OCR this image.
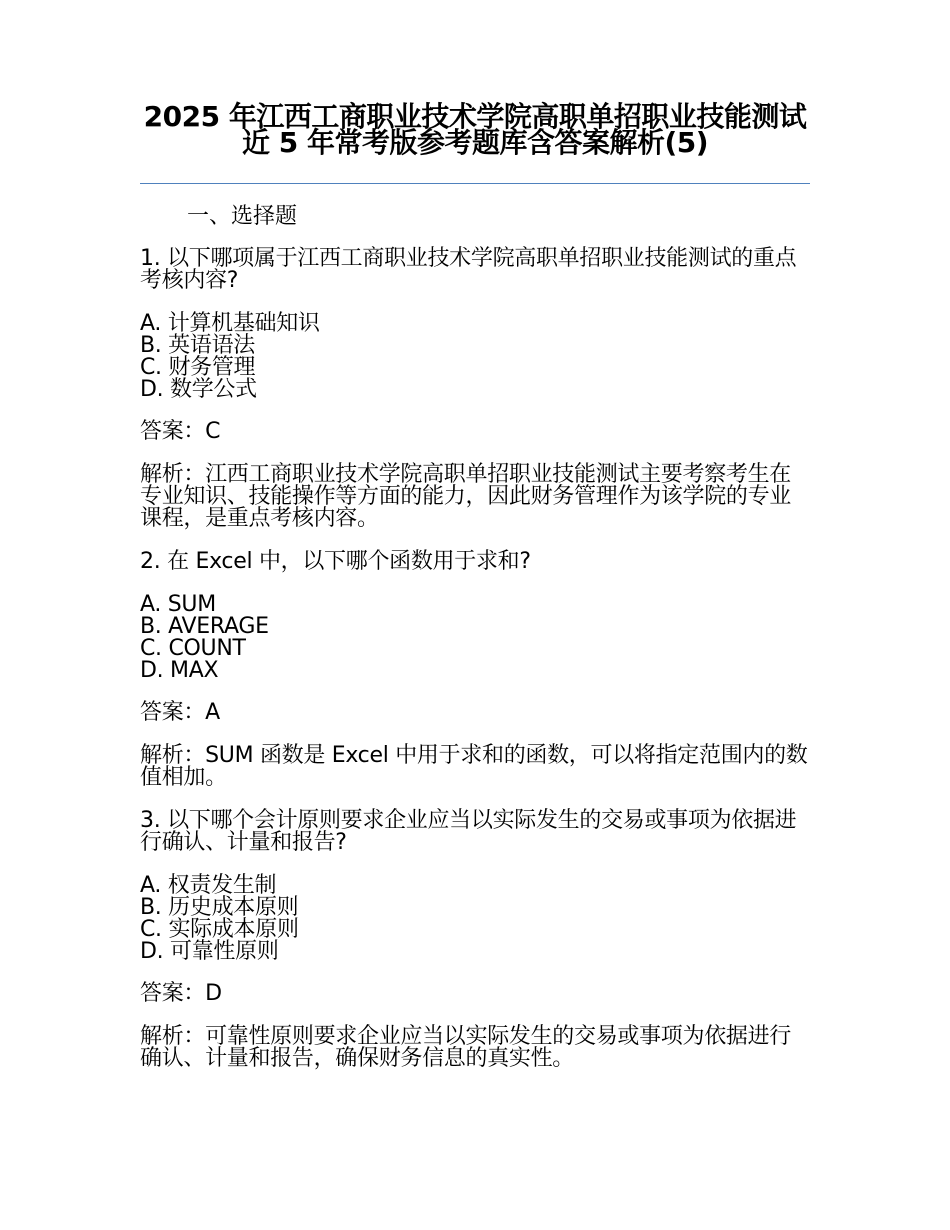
2025 年江西工商职业技术学院高职单招职业技能测试近 5 年常考版参考题库含答案解析(5)

一、选择题

1. 以下哪项属于江西工商职业技术学院高职单招职业技能测试的重点考核内容?

A. 计算机基础知识

B. 英语语法

C. 财务管理

D. 数学公式

答案：C

解析：江西工商职业技术学院高职单招职业技能测试主要考察考生在专业知识、技能操作等方面的能力，因此财务管理作为该学院的专业课程，是重点考核内容。

2. 在 Excel 中，以下哪个函数用于求和?

A. SUM

B. AVERAGE

C. COUNT

D. MAX

答案：A

解析：SUM 函数是 Excel 中用于求和的函数，可以将指定范围内的数值相加。

3. 以下哪个会计原则要求企业应当以实际发生的交易或事项为依据进行确认、计量和报告?

A. 权责发生制

B. 历史成本原则

C. 实际成本原则

D. 可靠性原则

答案：D

解析：可靠性原则要求企业应当以实际发生的交易或事项为依据进行确认、计量和报告，确保财务信息的真实性。
